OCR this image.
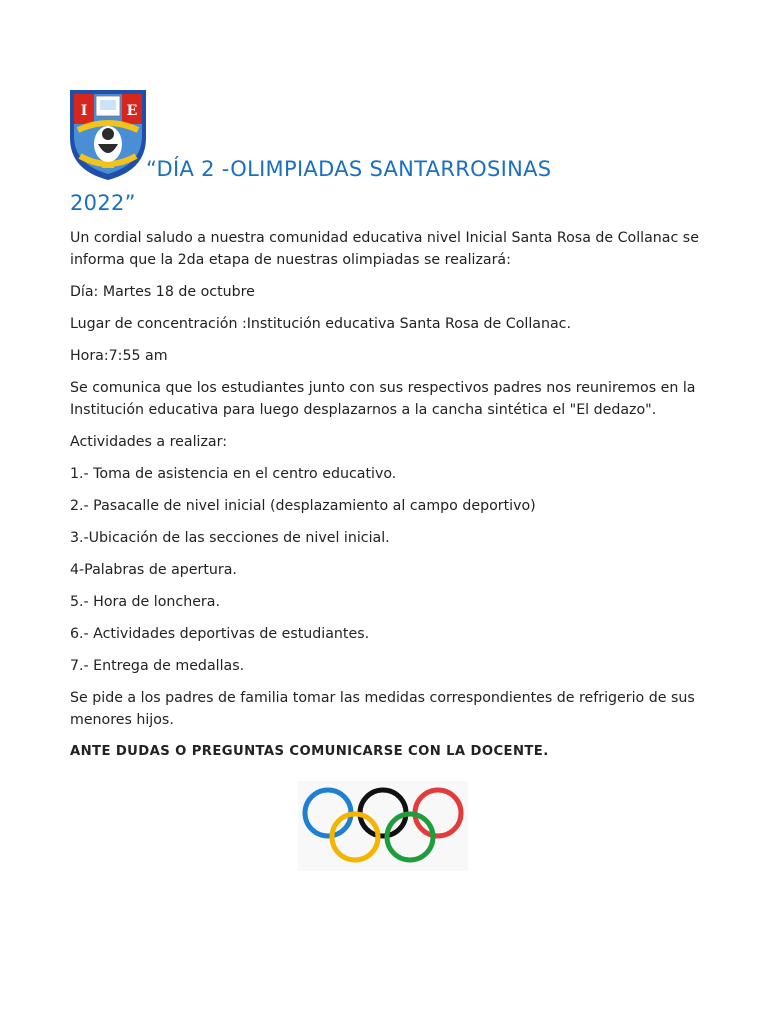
I	E
“DÍA 2 -OLIMPIADAS SANTARROSINAS
2022”

Un cordial saludo a nuestra comunidad educativa nivel Inicial Santa Rosa de Collanac se informa que la 2da etapa de nuestras olimpiadas se realizará:

Día: Martes 18 de octubre

Lugar de concentración :Institución educativa Santa Rosa de Collanac.

Hora:7:55 am

Se comunica que los estudiantes junto con sus respectivos padres nos reuniremos en la Institución educativa para luego desplazarnos a la cancha sintética el "El dedazo".

Actividades a realizar:

1.- Toma de asistencia en el centro educativo.

2.- Pasacalle de nivel inicial (desplazamiento al campo deportivo)

3.-Ubicación de las secciones de nivel inicial.

4-Palabras de apertura.

5.- Hora de lonchera.

6.- Actividades deportivas de estudiantes.

7.- Entrega de medallas.

Se pide a los padres de familia tomar las medidas correspondientes de refrigerio de sus menores hijos.

ANTE DUDAS O PREGUNTAS COMUNICARSE CON LA DOCENTE.
